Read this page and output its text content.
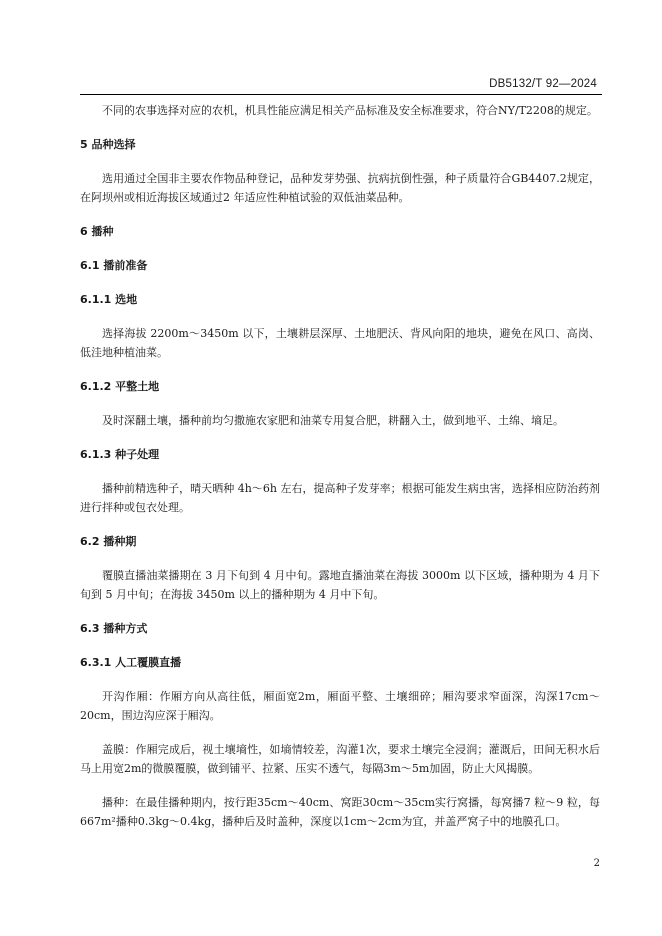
DB5132/T 92—2024

不同的农事选择对应的农机，机具性能应满足相关产品标准及安全标准要求，符合NY/T2208的规定。

5 品种选择

选用通过全国非主要农作物品种登记，品种发芽势强、抗病抗倒性强，种子质量符合GB4407.2规定，在阿坝州或相近海拔区域通过2 年适应性种植试验的双低油菜品种。

6 播种

6.1 播前准备

6.1.1 选地

选择海拔 2200m～3450m 以下，土壤耕层深厚、土地肥沃、背风向阳的地块，避免在风口、高岗、低洼地种植油菜。

6.1.2 平整土地

及时深翻土壤，播种前均匀撒施农家肥和油菜专用复合肥，耕翻入土，做到地平、土绵、墒足。

6.1.3 种子处理

播种前精选种子，晴天晒种 4h～6h 左右，提高种子发芽率；根据可能发生病虫害，选择相应防治药剂进行拌种或包衣处理。

6.2 播种期

覆膜直播油菜播期在 3 月下旬到 4 月中旬。露地直播油菜在海拔 3000m 以下区域，播种期为 4 月下旬到 5 月中旬；在海拔 3450m 以上的播种期为 4 月中下旬。

6.3 播种方式

6.3.1 人工覆膜直播

开沟作厢：作厢方向从高往低，厢面宽2m，厢面平整、土壤细碎；厢沟要求窄面深，沟深17cm～20cm，围边沟应深于厢沟。

盖膜：作厢完成后，视土壤墒性，如墒情较差，沟灌1次，要求土壤完全浸润；灌溉后，田间无积水后马上用宽2m的微膜覆膜，做到铺平、拉紧、压实不透气，每隔3m～5m加固，防止大风揭膜。

播种：在最佳播种期内，按行距35cm～40cm、窝距30cm～35cm实行窝播，每窝播7 粒～9 粒，每667m²播种0.3kg～0.4kg，播种后及时盖种，深度以1cm～2cm为宜，并盖严窝子中的地膜孔口。

2
